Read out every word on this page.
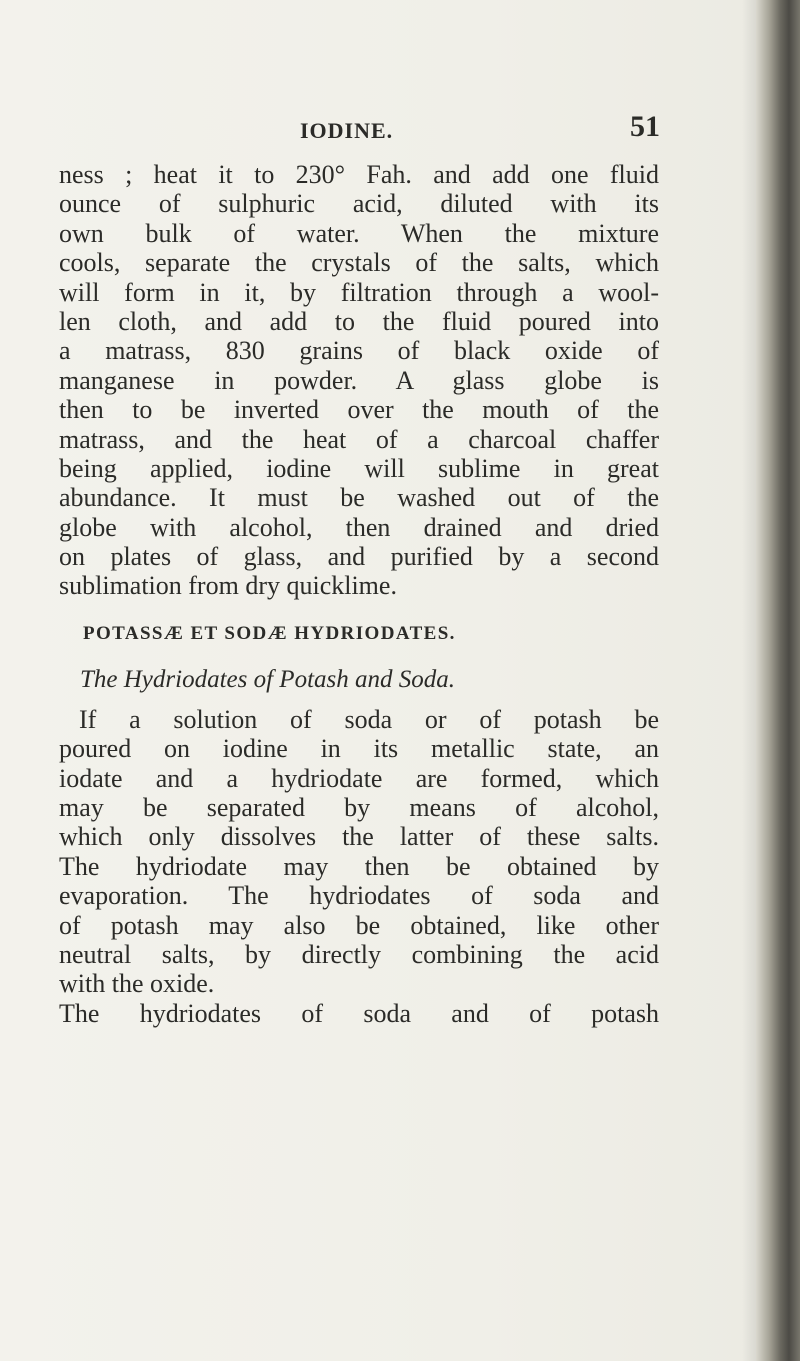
IODINE.	51
ness ; heat it to 230° Fah. and add one fluid
ounce of sulphuric acid, diluted with its
own bulk of water. When the mixture
cools, separate the crystals of the salts, which
will form in it, by filtration through a wool-
len cloth, and add to the fluid poured into
a matrass, 830 grains of black oxide of
manganese in powder. A glass globe is
then to be inverted over the mouth of the
matrass, and the heat of a charcoal chaffer
being applied, iodine will sublime in great
abundance. It must be washed out of the
globe with alcohol, then drained and dried
on plates of glass, and purified by a second
sublimation from dry quicklime.
POTASSÆ ET SODÆ HYDRIODATES.
The Hydriodates of Potash and Soda.
If a solution of soda or of potash be
poured on iodine in its metallic state, an
iodate and a hydriodate are formed, which
may be separated by means of alcohol,
which only dissolves the latter of these salts.
The hydriodate may then be obtained by
evaporation. The hydriodates of soda and
of potash may also be obtained, like other
neutral salts, by directly combining the acid
with the oxide.
The hydriodates of soda and of potash
